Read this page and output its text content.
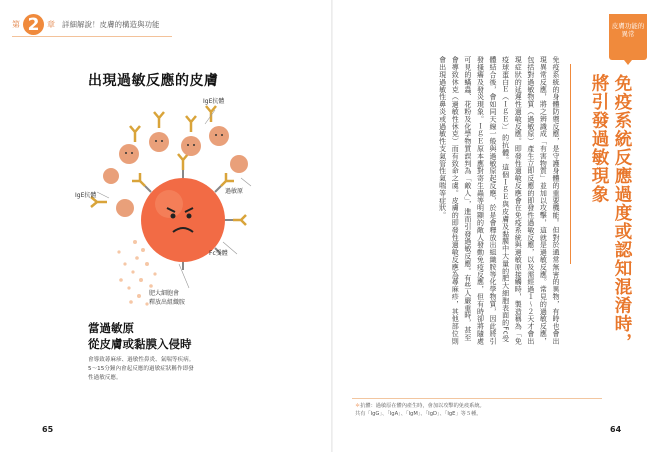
第 2 章 詳細解說！皮膚的構造與功能
出現過敏反應的皮膚
IgE抗體
IgE抗體
過敏原
Fc受體
肥大細胞會
釋放出組織胺
當過敏原
從皮膚或黏膜入侵時
會導致蕁麻疹、過敏性鼻炎、氣喘等疾病。
5～15分鐘內會起反應的過敏症狀稱作即發
性過敏反應。
65
皮膚功能的
異常
免疫系統反應過度或認知混淆時，
將引發過敏現象
免疫系統的身體防禦反應，是守護身體的重要機能。但對於通常無害的異物，有時也會出現異常反應，將之辨識成「有害物質」並加以攻擊，這就是過敏反應。常見的過敏反應，包括對過敏物質（過敏原）產生立即反應的即發性過敏反應，以及需經過１～２天才會出現症狀的延遲性過敏反應。即發性過敏反應會在免疫系統與過敏原接觸時，製造稱為「免疫球蛋白Ｅ（ＩｇＥ）」的抗體。這個ＩｇＥ與皮膚及黏膜中大量的肥大細胞表面的Fc受體結合後，會如同天線一般與過敏原起反應，於是會釋放出組織胺等化學物質，因此將引發搔癢及發炎現象。ＩｇＥ原本應對寄生蟲等明顯的敵人發動免疫反應，但有時卻將隨處可見的蟎蟲、花粉及化學物質誤判為「敵人」，進而引發過敏反應。有些人嚴重時，甚至會導致休克（過敏性休克）而有致命之虞。皮膚的即發性過敏反應為蕁麻疹，其他部位則會出現過敏性鼻炎或過敏性支氣管性氣喘等症狀。
＊抗體：過敏原在體內產生時，會加以攻擊的免疫系統。
共有「IgG」、「IgA」、「IgM」、「IgD」、「IgE」等５種。
64
